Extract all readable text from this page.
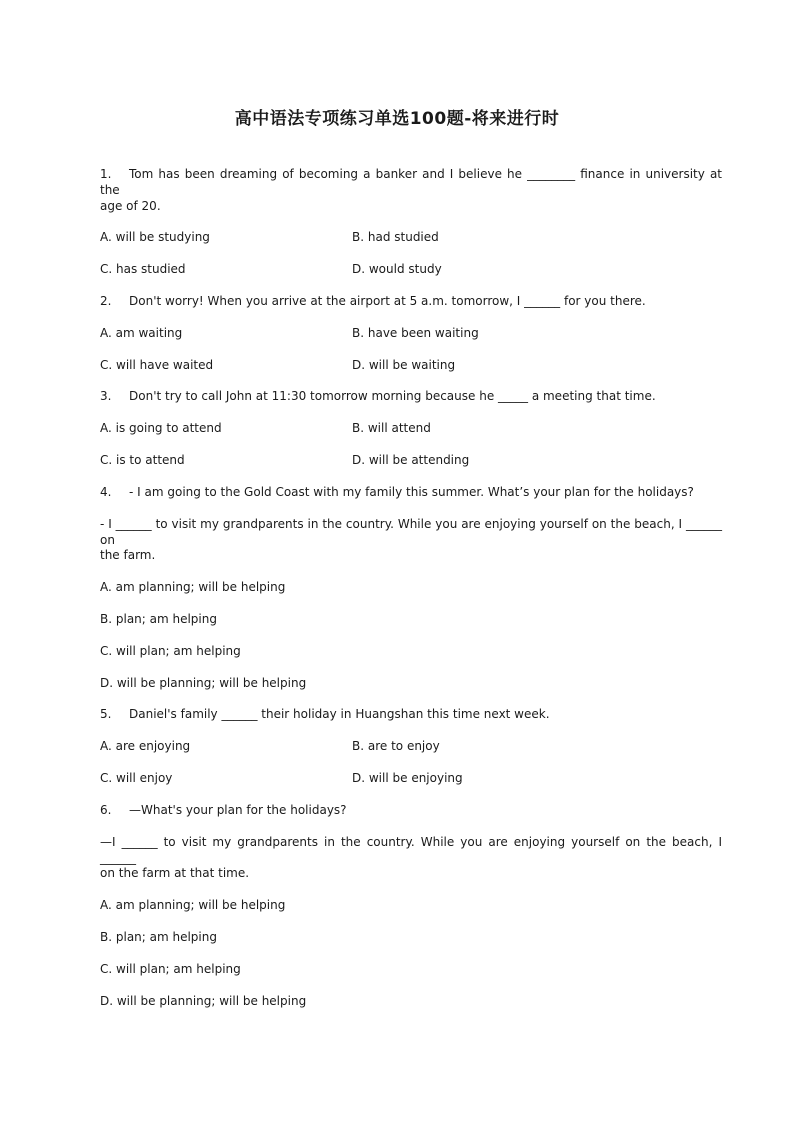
高中语法专项练习单选100题-将来进行时
1. Tom has been dreaming of becoming a banker and I believe he ________ finance in university at the
age of 20.
A. will be studying	B. had studied
C. has studied	D. would study
2. Don't worry! When you arrive at the airport at 5 a.m. tomorrow, I ______ for you there.
A. am waiting	B. have been waiting
C. will have waited	D. will be waiting
3. Don't try to call John at 11:30 tomorrow morning because he _____ a meeting that time.
A. is going to attend	B. will attend
C. is to attend	D. will be attending
4. - I am going to the Gold Coast with my family this summer. What’s your plan for the holidays?
- I ______ to visit my grandparents in the country. While you are enjoying yourself on the beach, I ______ on
the farm.
A. am planning; will be helping
B. plan; am helping
C. will plan; am helping
D. will be planning; will be helping
5. Daniel's family ______ their holiday in Huangshan this time next week.
A. are enjoying	B. are to enjoy
C. will enjoy	D. will be enjoying
6. —What's your plan for the holidays?
—I ______ to visit my grandparents in the country. While you are enjoying yourself on the beach, I ______
on the farm at that time.
A. am planning; will be helping
B. plan; am helping
C. will plan; am helping
D. will be planning; will be helping
